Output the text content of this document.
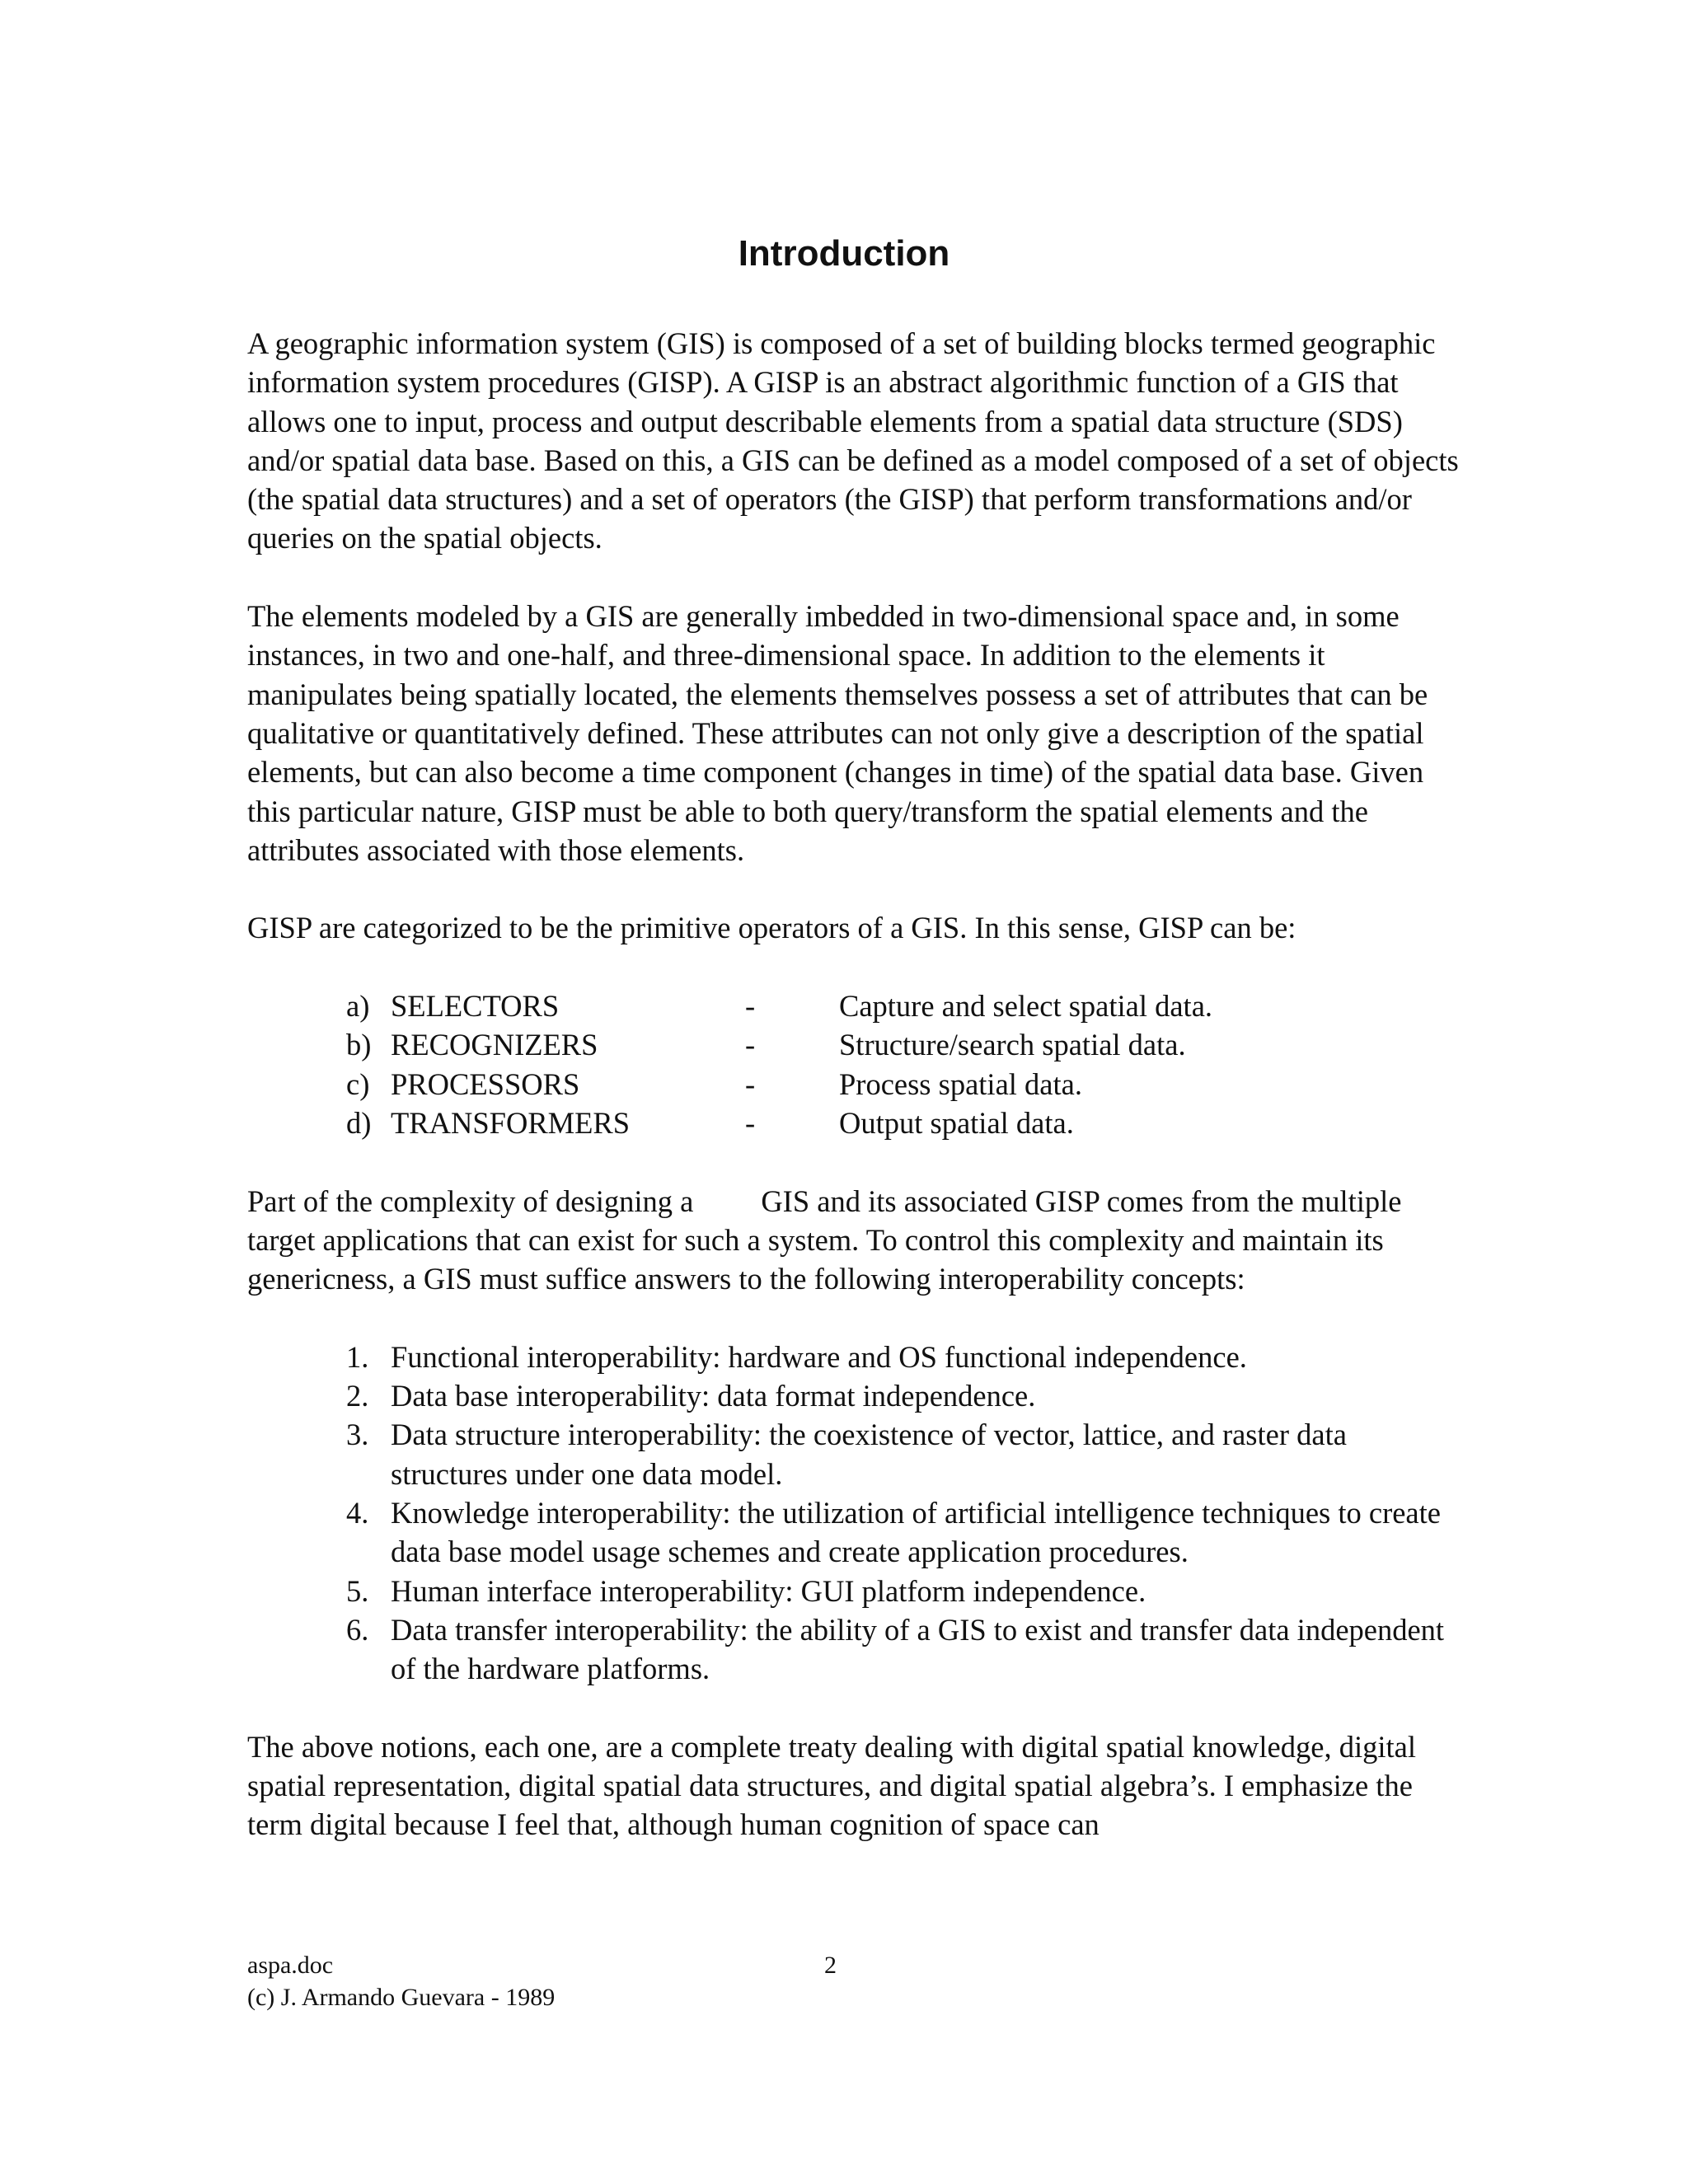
Introduction

A geographic information system (GIS) is composed of a set of building blocks termed geographic information system procedures (GISP). A GISP is an abstract algorithmic function of a GIS that allows one to input, process and output describable elements from a spatial data structure (SDS) and/or spatial data base. Based on this, a GIS can be defined as a model composed of a set of objects (the spatial data structures) and a set of operators (the GISP) that perform transformations and/or queries on the spatial objects.

The elements modeled by a GIS are generally imbedded in two-dimensional space and, in some instances, in two and one-half, and three-dimensional space. In addition to the elements it manipulates being spatially located, the elements themselves possess a set of attributes that can be qualitative or quantitatively defined. These attributes can not only give a description of the spatial elements, but can also become a time component (changes in time) of the spatial data base. Given this particular nature, GISP must be able to both query/transform the spatial elements and the attributes associated with those elements.

GISP are categorized to be the primitive operators of a GIS. In this sense, GISP can be:

a) SELECTORS	-	Capture and select spatial data.
b) RECOGNIZERS	-	Structure/search spatial data.
c) PROCESSORS	-	Process spatial data.
d) TRANSFORMERS	-	Output spatial data.

Part of the complexity of designing a GIS and its associated GISP comes from the multiple target applications that can exist for such a system. To control this complexity and maintain its genericness, a GIS must suffice answers to the following interoperability concepts:

1. Functional interoperability: hardware and OS functional independence.
2. Data base interoperability: data format independence.
3. Data structure interoperability: the coexistence of vector, lattice, and raster data structures under one data model.
4. Knowledge interoperability: the utilization of artificial intelligence techniques to create data base model usage schemes and create application procedures.
5. Human interface interoperability: GUI platform independence.
6. Data transfer interoperability: the ability of a GIS to exist and transfer data independent of the hardware platforms.

The above notions, each one, are a complete treaty dealing with digital spatial knowledge, digital spatial representation, digital spatial data structures, and digital spatial algebra’s. I emphasize the term digital because I feel that, although human cognition of space can

aspa.doc	2
(c) J. Armando Guevara - 1989
